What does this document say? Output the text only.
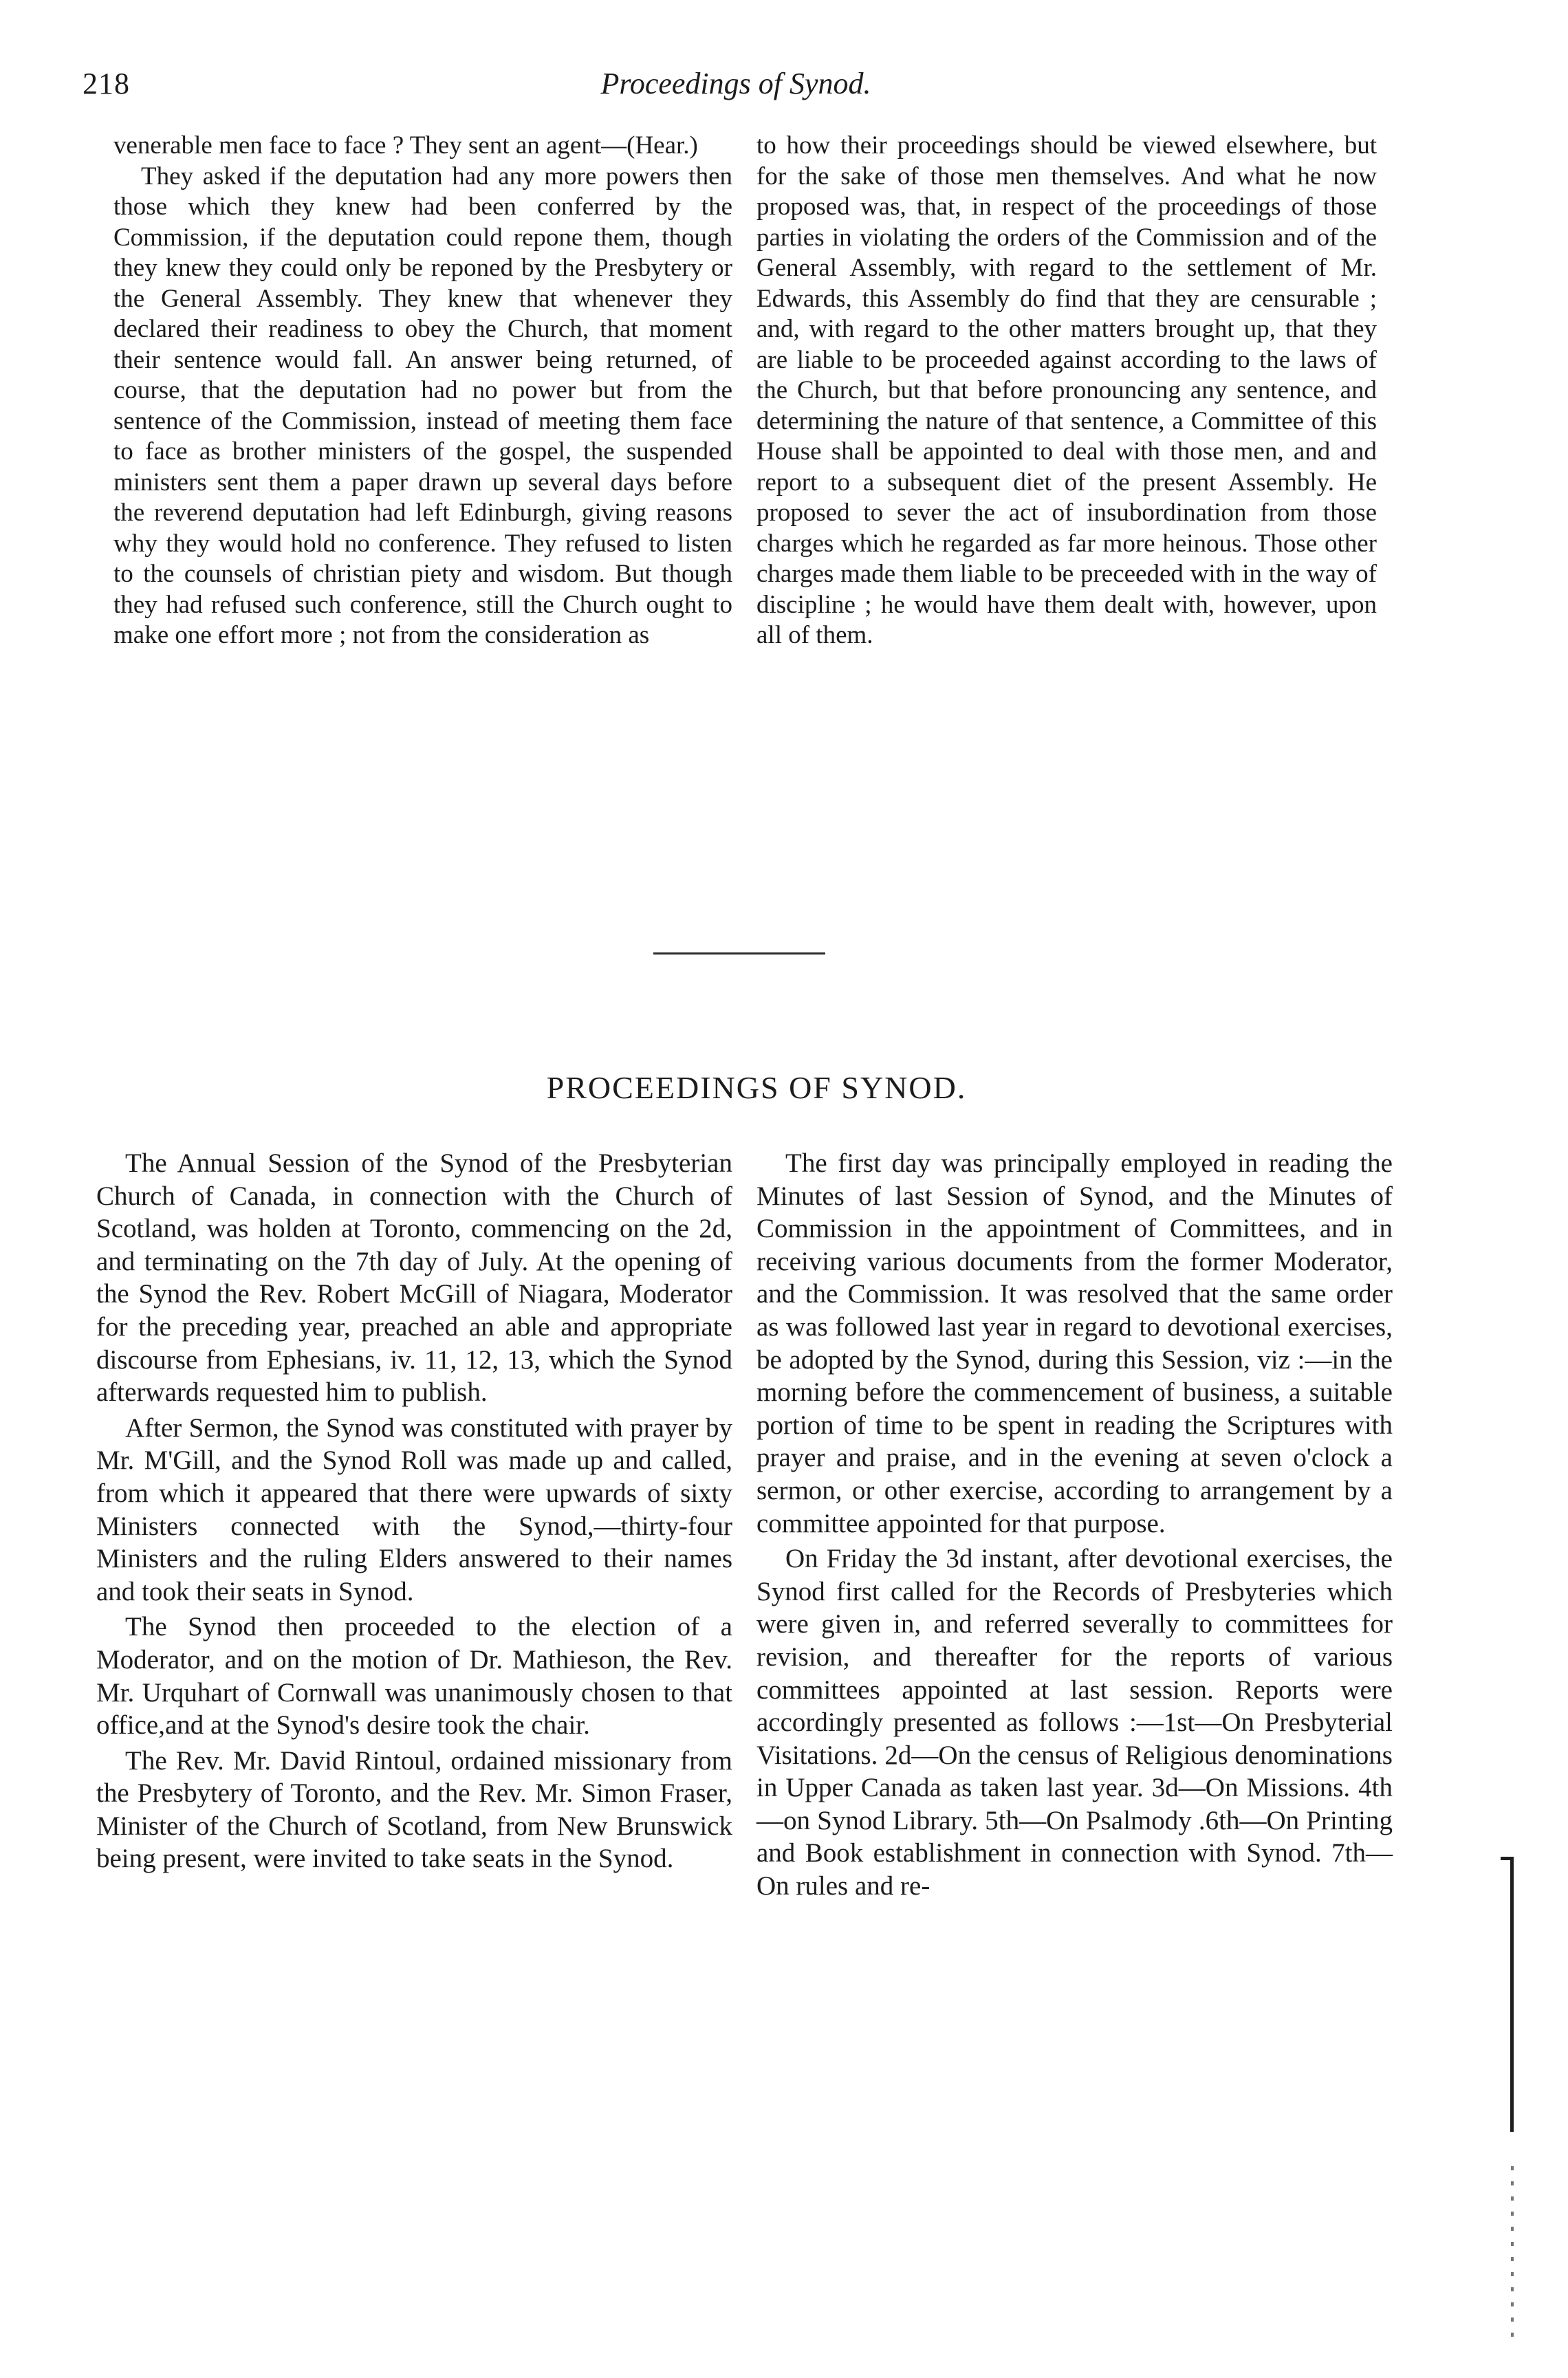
218	Proceedings of Synod.

venerable men face to face ? They sent an agent—(Hear.)

They asked if the deputation had any more powers then those which they knew had been conferred by the Commission, if the deputation could repone them, though they knew they could only be reponed by the Presbytery or the General Assembly. They knew that whenever they declared their readiness to obey the Church, that moment their sentence would fall. An answer being returned, of course, that the deputation had no power but from the sentence of the Commission, instead of meeting them face to face as brother ministers of the gospel, the suspended ministers sent them a paper drawn up several days before the reverend deputation had left Edinburgh, giving reasons why they would hold no conference. They refused to listen to the counsels of christian piety and wisdom. But though they had refused such conference, still the Church ought to make one effort more ; not from the consideration as

to how their proceedings should be viewed elsewhere, but for the sake of those men themselves. And what he now proposed was, that, in respect of the proceedings of those parties in violating the orders of the Commission and of the General Assembly, with regard to the settlement of Mr. Edwards, this Assembly do find that they are censurable ; and, with regard to the other matters brought up, that they are liable to be proceeded against according to the laws of the Church, but that before pronouncing any sentence, and determining the nature of that sentence, a Committee of this House shall be appointed to deal with those men, and and report to a subsequent diet of the present Assembly. He proposed to sever the act of insubordination from those charges which he regarded as far more heinous. Those other charges made them liable to be preceeded with in the way of discipline ; he would have them dealt with, however, upon all of them.

PROCEEDINGS OF SYNOD.

The Annual Session of the Synod of the Presbyterian Church of Canada, in connection with the Church of Scotland, was holden at Toronto, commencing on the 2d, and terminating on the 7th day of July. At the opening of the Synod the Rev. Robert McGill of Niagara, Moderator for the preceding year, preached an able and appropriate discourse from Ephesians, iv. 11, 12, 13, which the Synod afterwards requested him to publish.

After Sermon, the Synod was constituted with prayer by Mr. M'Gill, and the Synod Roll was made up and called, from which it appeared that there were upwards of sixty Ministers connected with the Synod,—thirty-four Ministers and the ruling Elders answered to their names and took their seats in Synod.

The Synod then proceeded to the election of a Moderator, and on the motion of Dr. Mathieson, the Rev. Mr. Urquhart of Cornwall was unanimously chosen to that office,and at the Synod's desire took the chair.

The Rev. Mr. David Rintoul, ordained missionary from the Presbytery of Toronto, and the Rev. Mr. Simon Fraser, Minister of the Church of Scotland, from New Brunswick being present, were invited to take seats in the Synod.

The first day was principally employed in reading the Minutes of last Session of Synod, and the Minutes of Commission in the appointment of Committees, and in receiving various documents from the former Moderator, and the Commission. It was resolved that the same order as was followed last year in regard to devotional exercises, be adopted by the Synod, during this Session, viz :—in the morning before the commencement of business, a suitable portion of time to be spent in reading the Scriptures with prayer and praise, and in the evening at seven o'clock a sermon, or other exercise, according to arrangement by a committee appointed for that purpose.

On Friday the 3d instant, after devotional exercises, the Synod first called for the Records of Presbyteries which were given in, and referred severally to committees for revision, and thereafter for the reports of various committees appointed at last session. Reports were accordingly presented as follows :—1st—On Presbyterial Visitations. 2d—On the census of Religious denominations in Upper Canada as taken last year. 3d—On Missions. 4th—on Synod Library. 5th—On Psalmody .6th—On Printing and Book establishment in connection with Synod. 7th—On rules and re-
